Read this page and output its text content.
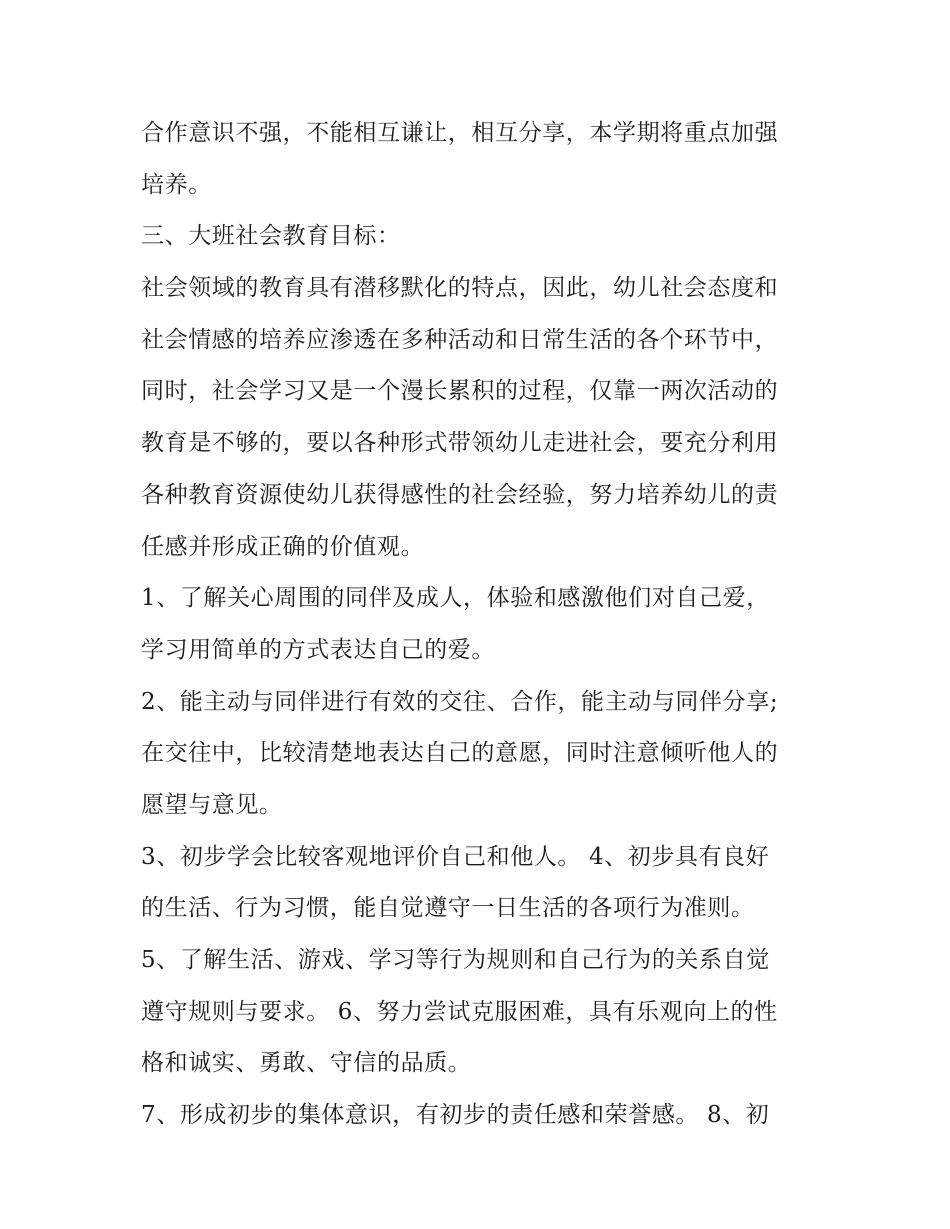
合作意识不强，不能相互谦让，相互分享，本学期将重点加强
培养。
三、大班社会教育目标：
社会领域的教育具有潜移默化的特点，因此，幼儿社会态度和
社会情感的培养应渗透在多种活动和日常生活的各个环节中，
同时，社会学习又是一个漫长累积的过程，仅靠一两次活动的
教育是不够的，要以各种形式带领幼儿走进社会，要充分利用
各种教育资源使幼儿获得感性的社会经验，努力培养幼儿的责
任感并形成正确的价值观。
1、了解关心周围的同伴及成人，体验和感激他们对自己爱，
学习用简单的方式表达自己的爱。
2、能主动与同伴进行有效的交往、合作，能主动与同伴分享;
在交往中，比较清楚地表达自己的意愿，同时注意倾听他人的
愿望与意见。
3、初步学会比较客观地评价自己和他人。 4、初步具有良好
的生活、行为习惯，能自觉遵守一日生活的各项行为准则。
5、了解生活、游戏、学习等行为规则和自己行为的关系自觉
遵守规则与要求。 6、努力尝试克服困难，具有乐观向上的性
格和诚实、勇敢、守信的品质。
7、形成初步的集体意识，有初步的责任感和荣誉感。 8、初
